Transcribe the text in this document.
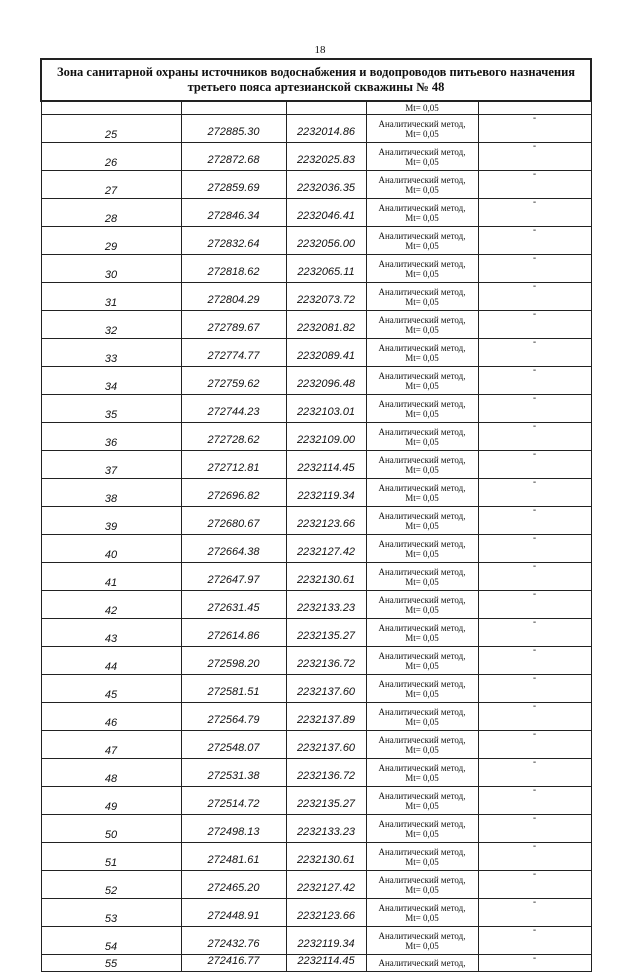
18
Зона санитарной охраны источников водоснабжения и водопроводов питьевого назначения третьего пояса артезианской скважины № 48				
			Mt= 0,05	
25	272885.30	2232014.86	Аналитический метод,
Mt= 0,05	-
26	272872.68	2232025.83	Аналитический метод,
Mt= 0,05	-
27	272859.69	2232036.35	Аналитический метод,
Mt= 0,05	-
28	272846.34	2232046.41	Аналитический метод,
Mt= 0,05	-
29	272832.64	2232056.00	Аналитический метод,
Mt= 0,05	-
30	272818.62	2232065.11	Аналитический метод,
Mt= 0,05	-
31	272804.29	2232073.72	Аналитический метод,
Mt= 0,05	-
32	272789.67	2232081.82	Аналитический метод,
Mt= 0,05	-
33	272774.77	2232089.41	Аналитический метод,
Mt= 0,05	-
34	272759.62	2232096.48	Аналитический метод,
Mt= 0,05	-
35	272744.23	2232103.01	Аналитический метод,
Mt= 0,05	-
36	272728.62	2232109.00	Аналитический метод,
Mt= 0,05	-
37	272712.81	2232114.45	Аналитический метод,
Mt= 0,05	-
38	272696.82	2232119.34	Аналитический метод,
Mt= 0,05	-
39	272680.67	2232123.66	Аналитический метод,
Mt= 0,05	-
40	272664.38	2232127.42	Аналитический метод,
Mt= 0,05	-
41	272647.97	2232130.61	Аналитический метод,
Mt= 0,05	-
42	272631.45	2232133.23	Аналитический метод,
Mt= 0,05	-
43	272614.86	2232135.27	Аналитический метод,
Mt= 0,05	-
44	272598.20	2232136.72	Аналитический метод,
Mt= 0,05	-
45	272581.51	2232137.60	Аналитический метод,
Mt= 0,05	-
46	272564.79	2232137.89	Аналитический метод,
Mt= 0,05	-
47	272548.07	2232137.60	Аналитический метод,
Mt= 0,05	-
48	272531.38	2232136.72	Аналитический метод,
Mt= 0,05	-
49	272514.72	2232135.27	Аналитический метод,
Mt= 0,05	-
50	272498.13	2232133.23	Аналитический метод,
Mt= 0,05	-
51	272481.61	2232130.61	Аналитический метод,
Mt= 0,05	-
52	272465.20	2232127.42	Аналитический метод,
Mt= 0,05	-
53	272448.91	2232123.66	Аналитический метод,
Mt= 0,05	-
54	272432.76	2232119.34	Аналитический метод,
Mt= 0,05	-
55	272416.77	2232114.45	Аналитический метод,	-
